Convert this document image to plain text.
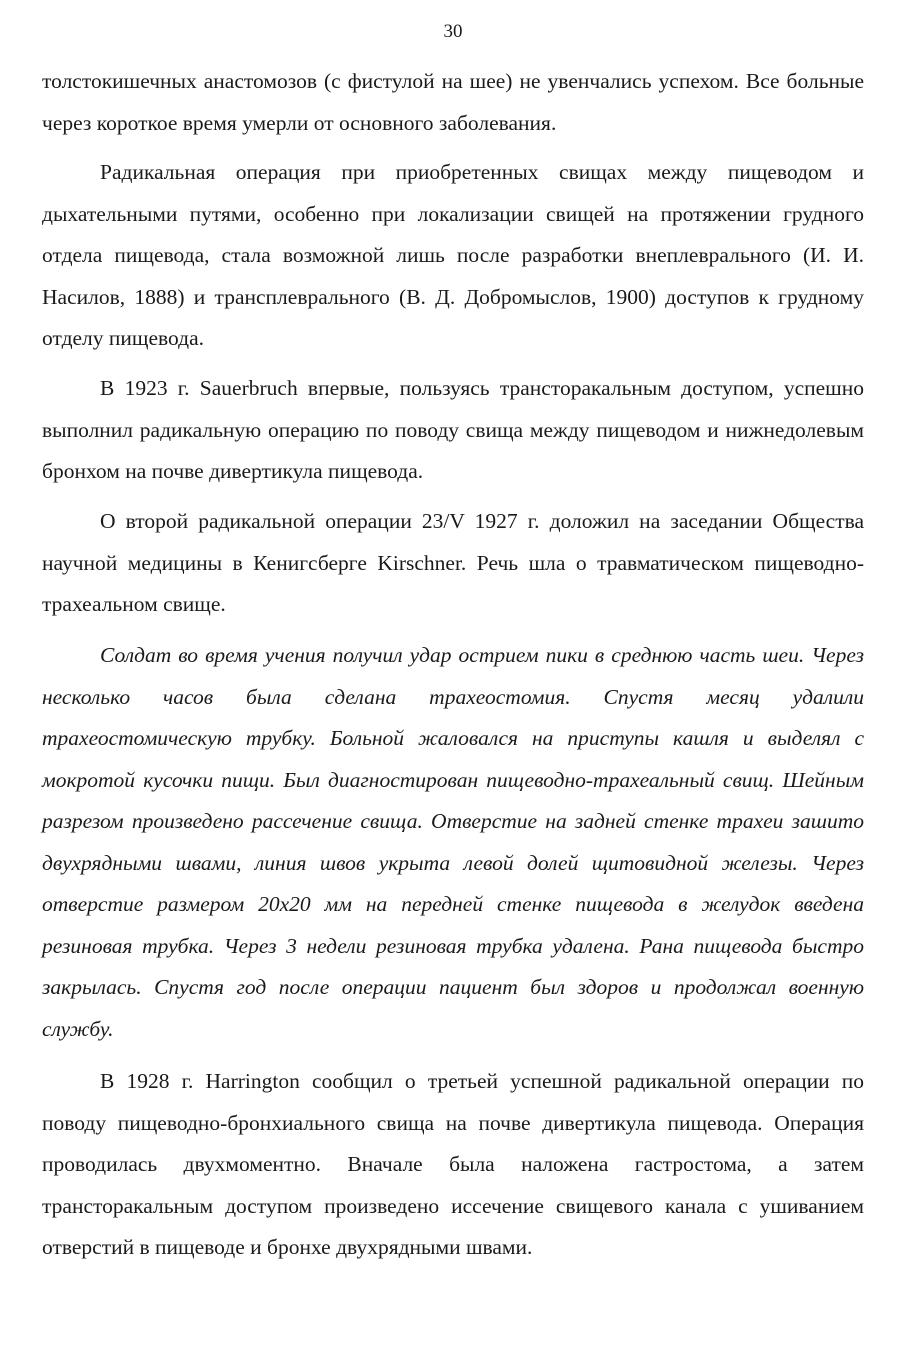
30

толстокишечных анастомозов (с фистулой на шее) не увенчались успехом. Все больные через короткое время умерли от основного заболевания.

Радикальная операция при приобретенных свищах между пищеводом и дыхательными путями, особенно при локализации свищей на протяжении грудного отдела пищевода, стала возможной лишь после разработки внеплеврального (И. И. Насилов, 1888) и трансплеврального (В. Д. Добромыслов, 1900) доступов к грудному отделу пищевода.

В 1923 г. Sauerbruch впервые, пользуясь трансторакальным доступом, успешно выполнил радикальную операцию по поводу свища между пищеводом и нижнедолевым бронхом на почве дивертикула пищевода.

О второй радикальной операции 23/V 1927 г. доложил на заседании Общества научной медицины в Кенигсберге Kirschner. Речь шла о травматическом пищеводно-трахеальном свище.

Солдат во время учения получил удар острием пики в среднюю часть шеи. Через несколько часов была сделана трахеостомия. Спустя месяц удалили трахеостомическую трубку. Больной жаловался на приступы кашля и выделял с мокротой кусочки пищи. Был диагностирован пищеводно-трахеальный свищ. Шейным разрезом произведено рассечение свища. Отверстие на задней стенке трахеи зашито двухрядными швами, линия швов укрыта левой долей щитовидной железы. Через отверстие размером 20х20 мм на передней стенке пищевода в желудок введена резиновая трубка. Через 3 недели резиновая трубка удалена. Рана пищевода быстро закрылась. Спустя год после операции пациент был здоров и продолжал военную службу.

В 1928 г. Harrington сообщил о третьей успешной радикальной операции по поводу пищеводно-бронхиального свища на почве дивертикула пищевода. Операция проводилась двухмоментно. Вначале была наложена гастростома, а затем трансторакальным доступом произведено иссечение свищевого канала с ушиванием отверстий в пищеводе и бронхе двухрядными швами.
